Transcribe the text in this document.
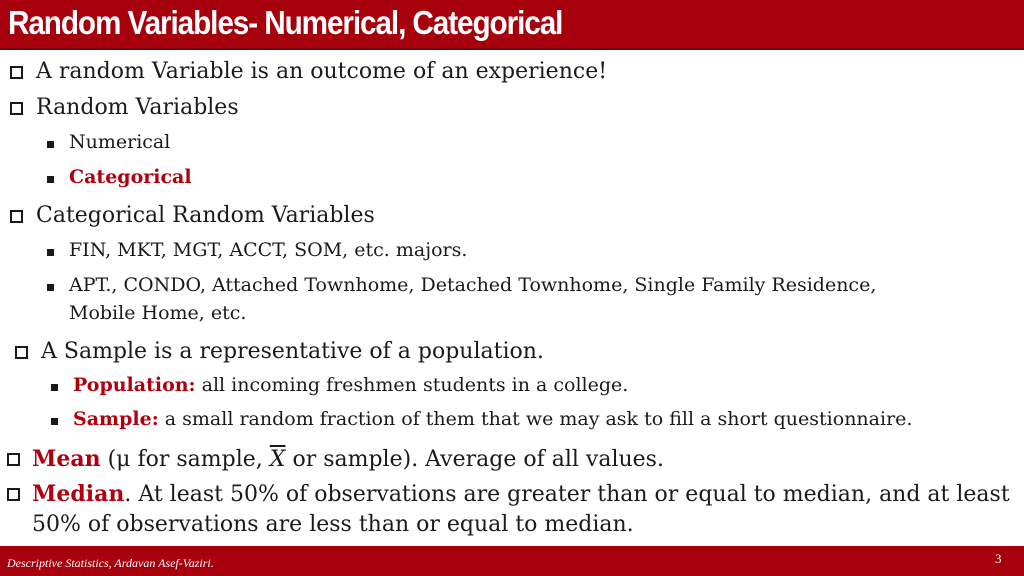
Random Variables- Numerical, Categorical
A random Variable is an outcome of an experience!
Random Variables
Numerical
Categorical
Categorical Random Variables
FIN, MKT, MGT, ACCT, SOM, etc. majors.
APT., CONDO, Attached Townhome, Detached Townhome, Single Family Residence,
Mobile Home, etc.
A Sample is a representative of a population.
Population: all incoming freshmen students in a college.
Sample: a small random fraction of them that we may ask to fill a short questionnaire.
Mean (μ for sample, $\overline{X}$ or sample). Average of all values.
Median. At least 50% of observations are greater than or equal to median, and at least
50% of observations are less than or equal to median.
Descriptive Statistics, Ardavan Asef-Vaziri.	3
